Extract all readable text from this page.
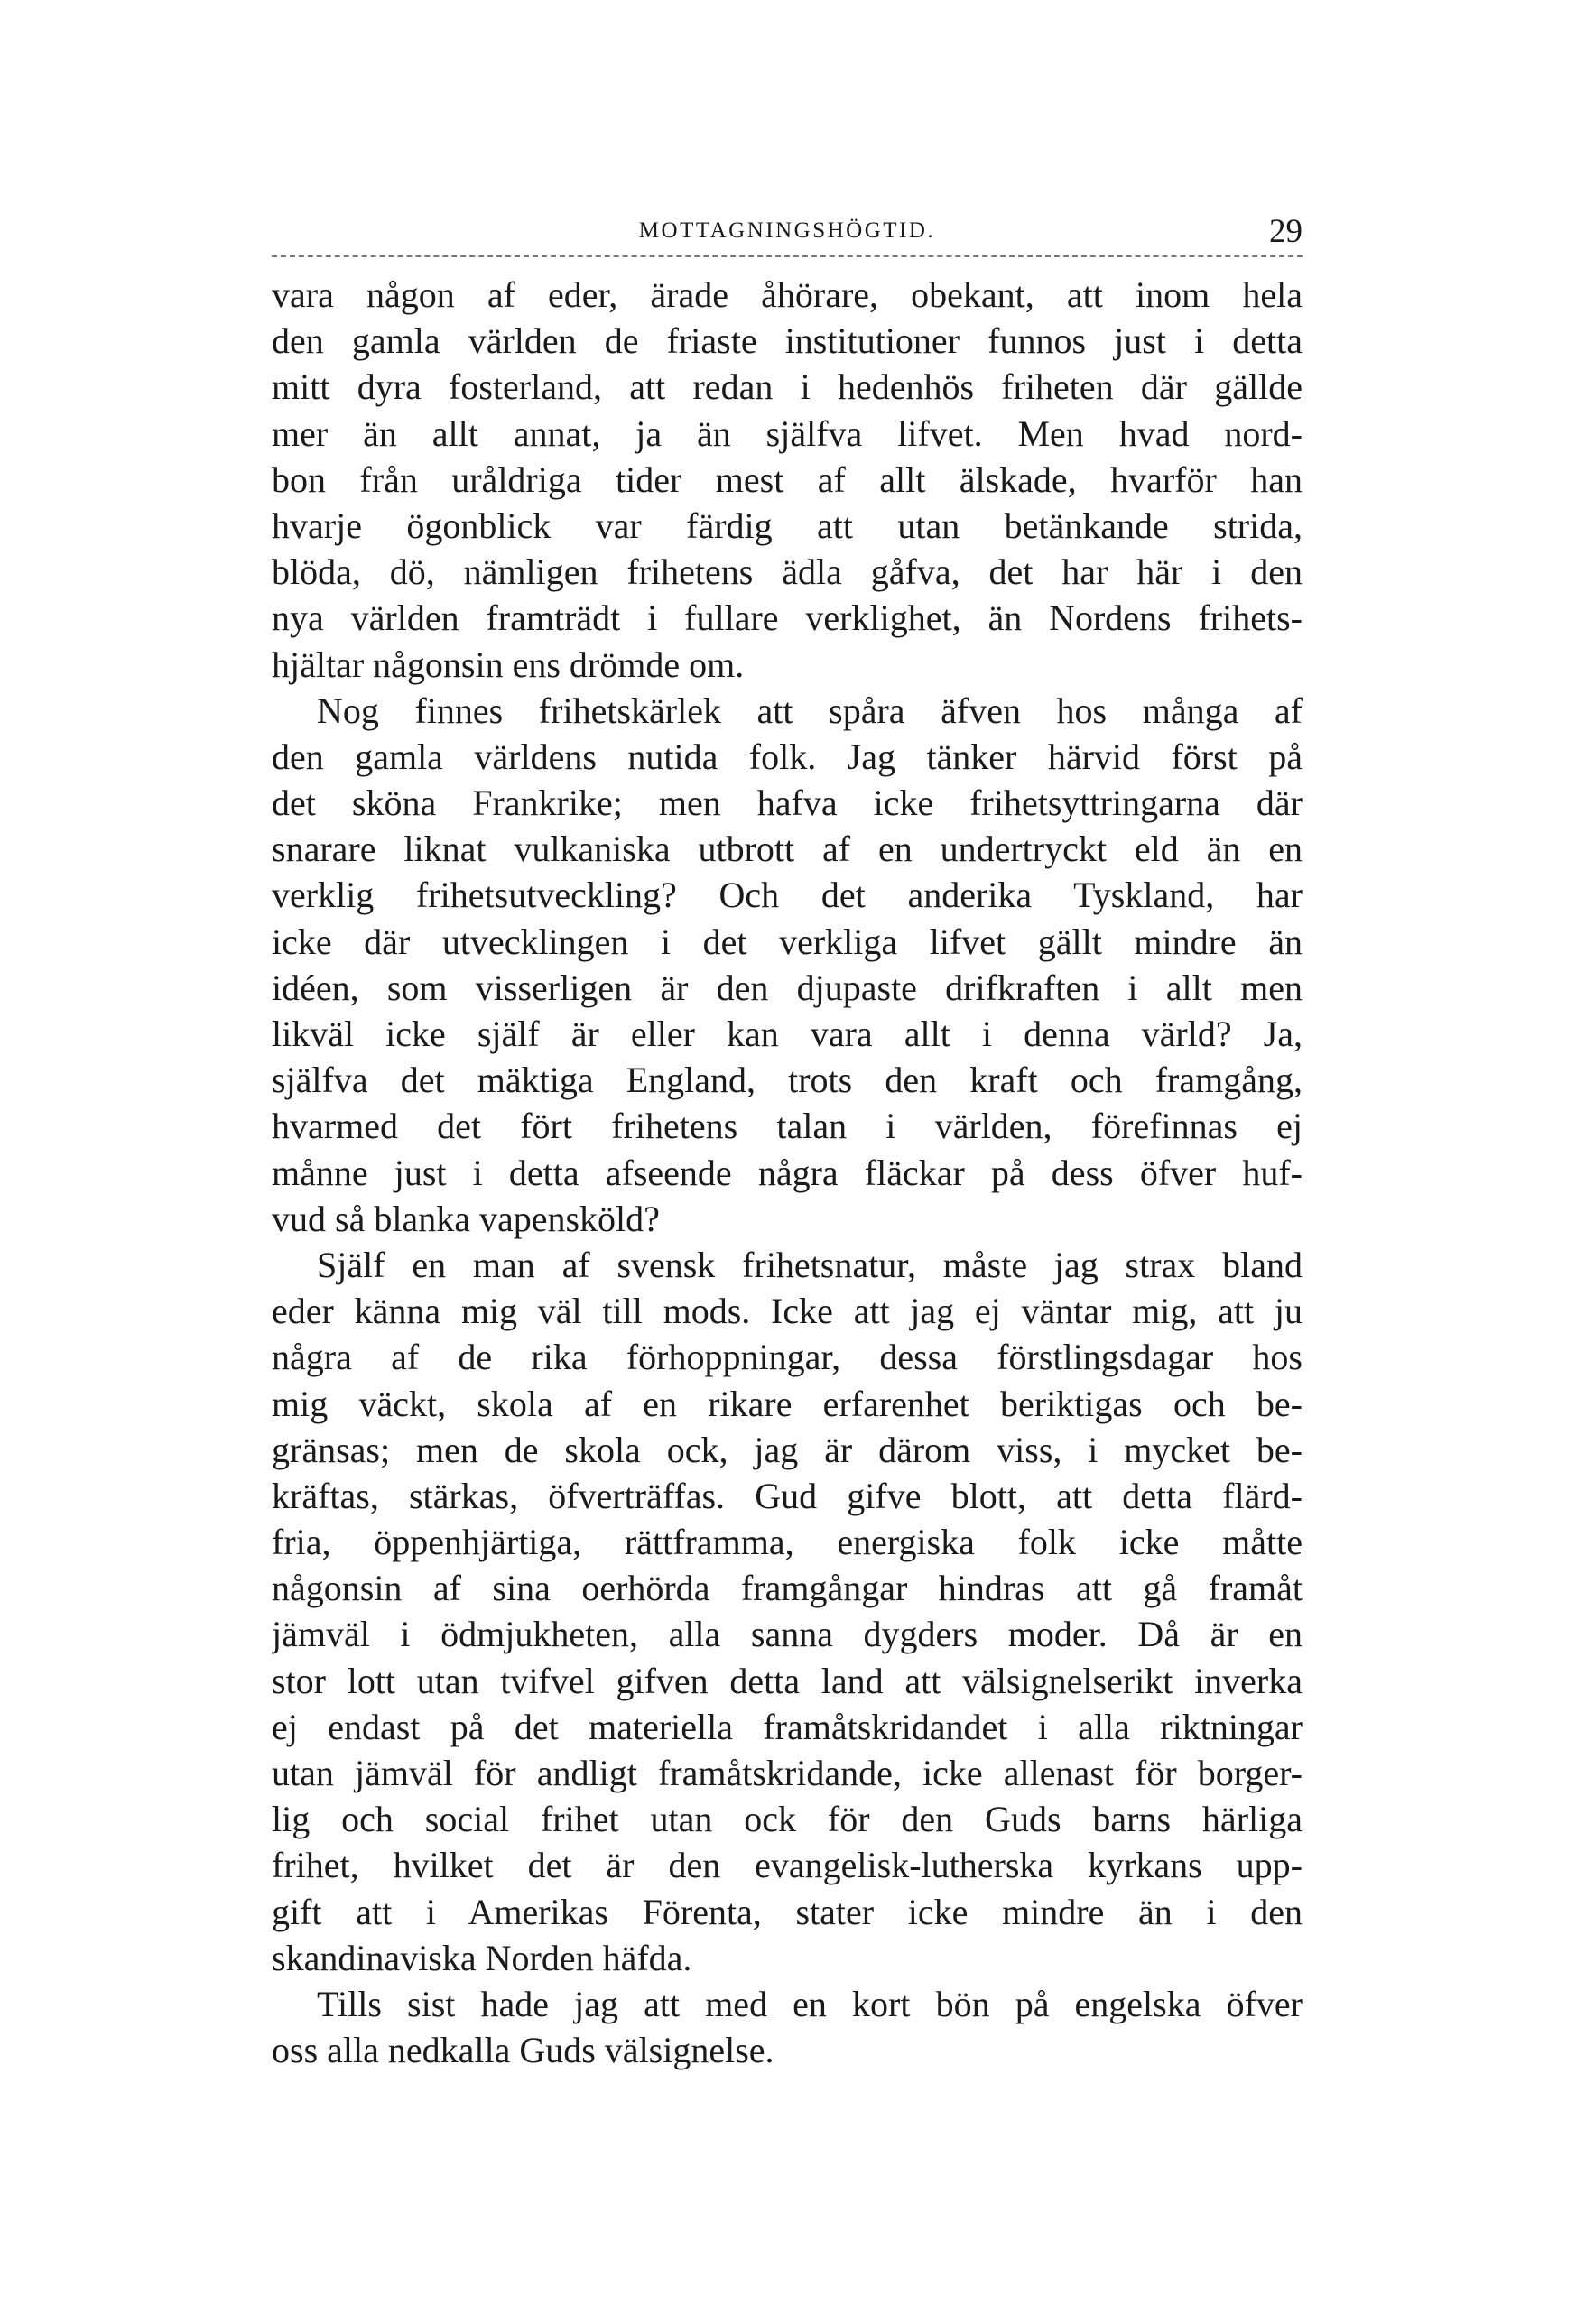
MOTTAGNINGSHÖGTID.	29
vara någon af eder, ärade åhörare, obekant, att inom hela
den gamla världen de friaste institutioner funnos just i detta
mitt dyra fosterland, att redan i hedenhös friheten där gällde
mer än allt annat, ja än själfva lifvet. Men hvad nord-
bon från uråldriga tider mest af allt älskade, hvarför han
hvarje ögonblick var färdig att utan betänkande strida,
blöda, dö, nämligen frihetens ädla gåfva, det har här i den
nya världen framträdt i fullare verklighet, än Nordens frihets-
hjältar någonsin ens drömde om.
Nog finnes frihetskärlek att spåra äfven hos många af
den gamla världens nutida folk. Jag tänker härvid först på
det sköna Frankrike; men hafva icke frihetsyttringarna där
snarare liknat vulkaniska utbrott af en undertryckt eld än en
verklig frihetsutveckling? Och det anderika Tyskland, har
icke där utvecklingen i det verkliga lifvet gällt mindre än
idéen, som visserligen är den djupaste drifkraften i allt men
likväl icke själf är eller kan vara allt i denna värld? Ja,
själfva det mäktiga England, trots den kraft och framgång,
hvarmed det fört frihetens talan i världen, förefinnas ej
månne just i detta afseende några fläckar på dess öfver huf-
vud så blanka vapensköld?
Själf en man af svensk frihetsnatur, måste jag strax bland
eder känna mig väl till mods. Icke att jag ej väntar mig, att ju
några af de rika förhoppningar, dessa förstlingsdagar hos
mig väckt, skola af en rikare erfarenhet beriktigas och be-
gränsas; men de skola ock, jag är därom viss, i mycket be-
kräftas, stärkas, öfverträffas. Gud gifve blott, att detta flärd-
fria, öppenhjärtiga, rättframma, energiska folk icke måtte
någonsin af sina oerhörda framgångar hindras att gå framåt
jämväl i ödmjukheten, alla sanna dygders moder. Då är en
stor lott utan tvifvel gifven detta land att välsignelserikt inverka
ej endast på det materiella framåtskridandet i alla riktningar
utan jämväl för andligt framåtskridande, icke allenast för borger-
lig och social frihet utan ock för den Guds barns härliga
frihet, hvilket det är den evangelisk-lutherska kyrkans upp-
gift att i Amerikas Förenta, stater icke mindre än i den
skandinaviska Norden häfda.
Tills sist hade jag att med en kort bön på engelska öfver
oss alla nedkalla Guds välsignelse.
